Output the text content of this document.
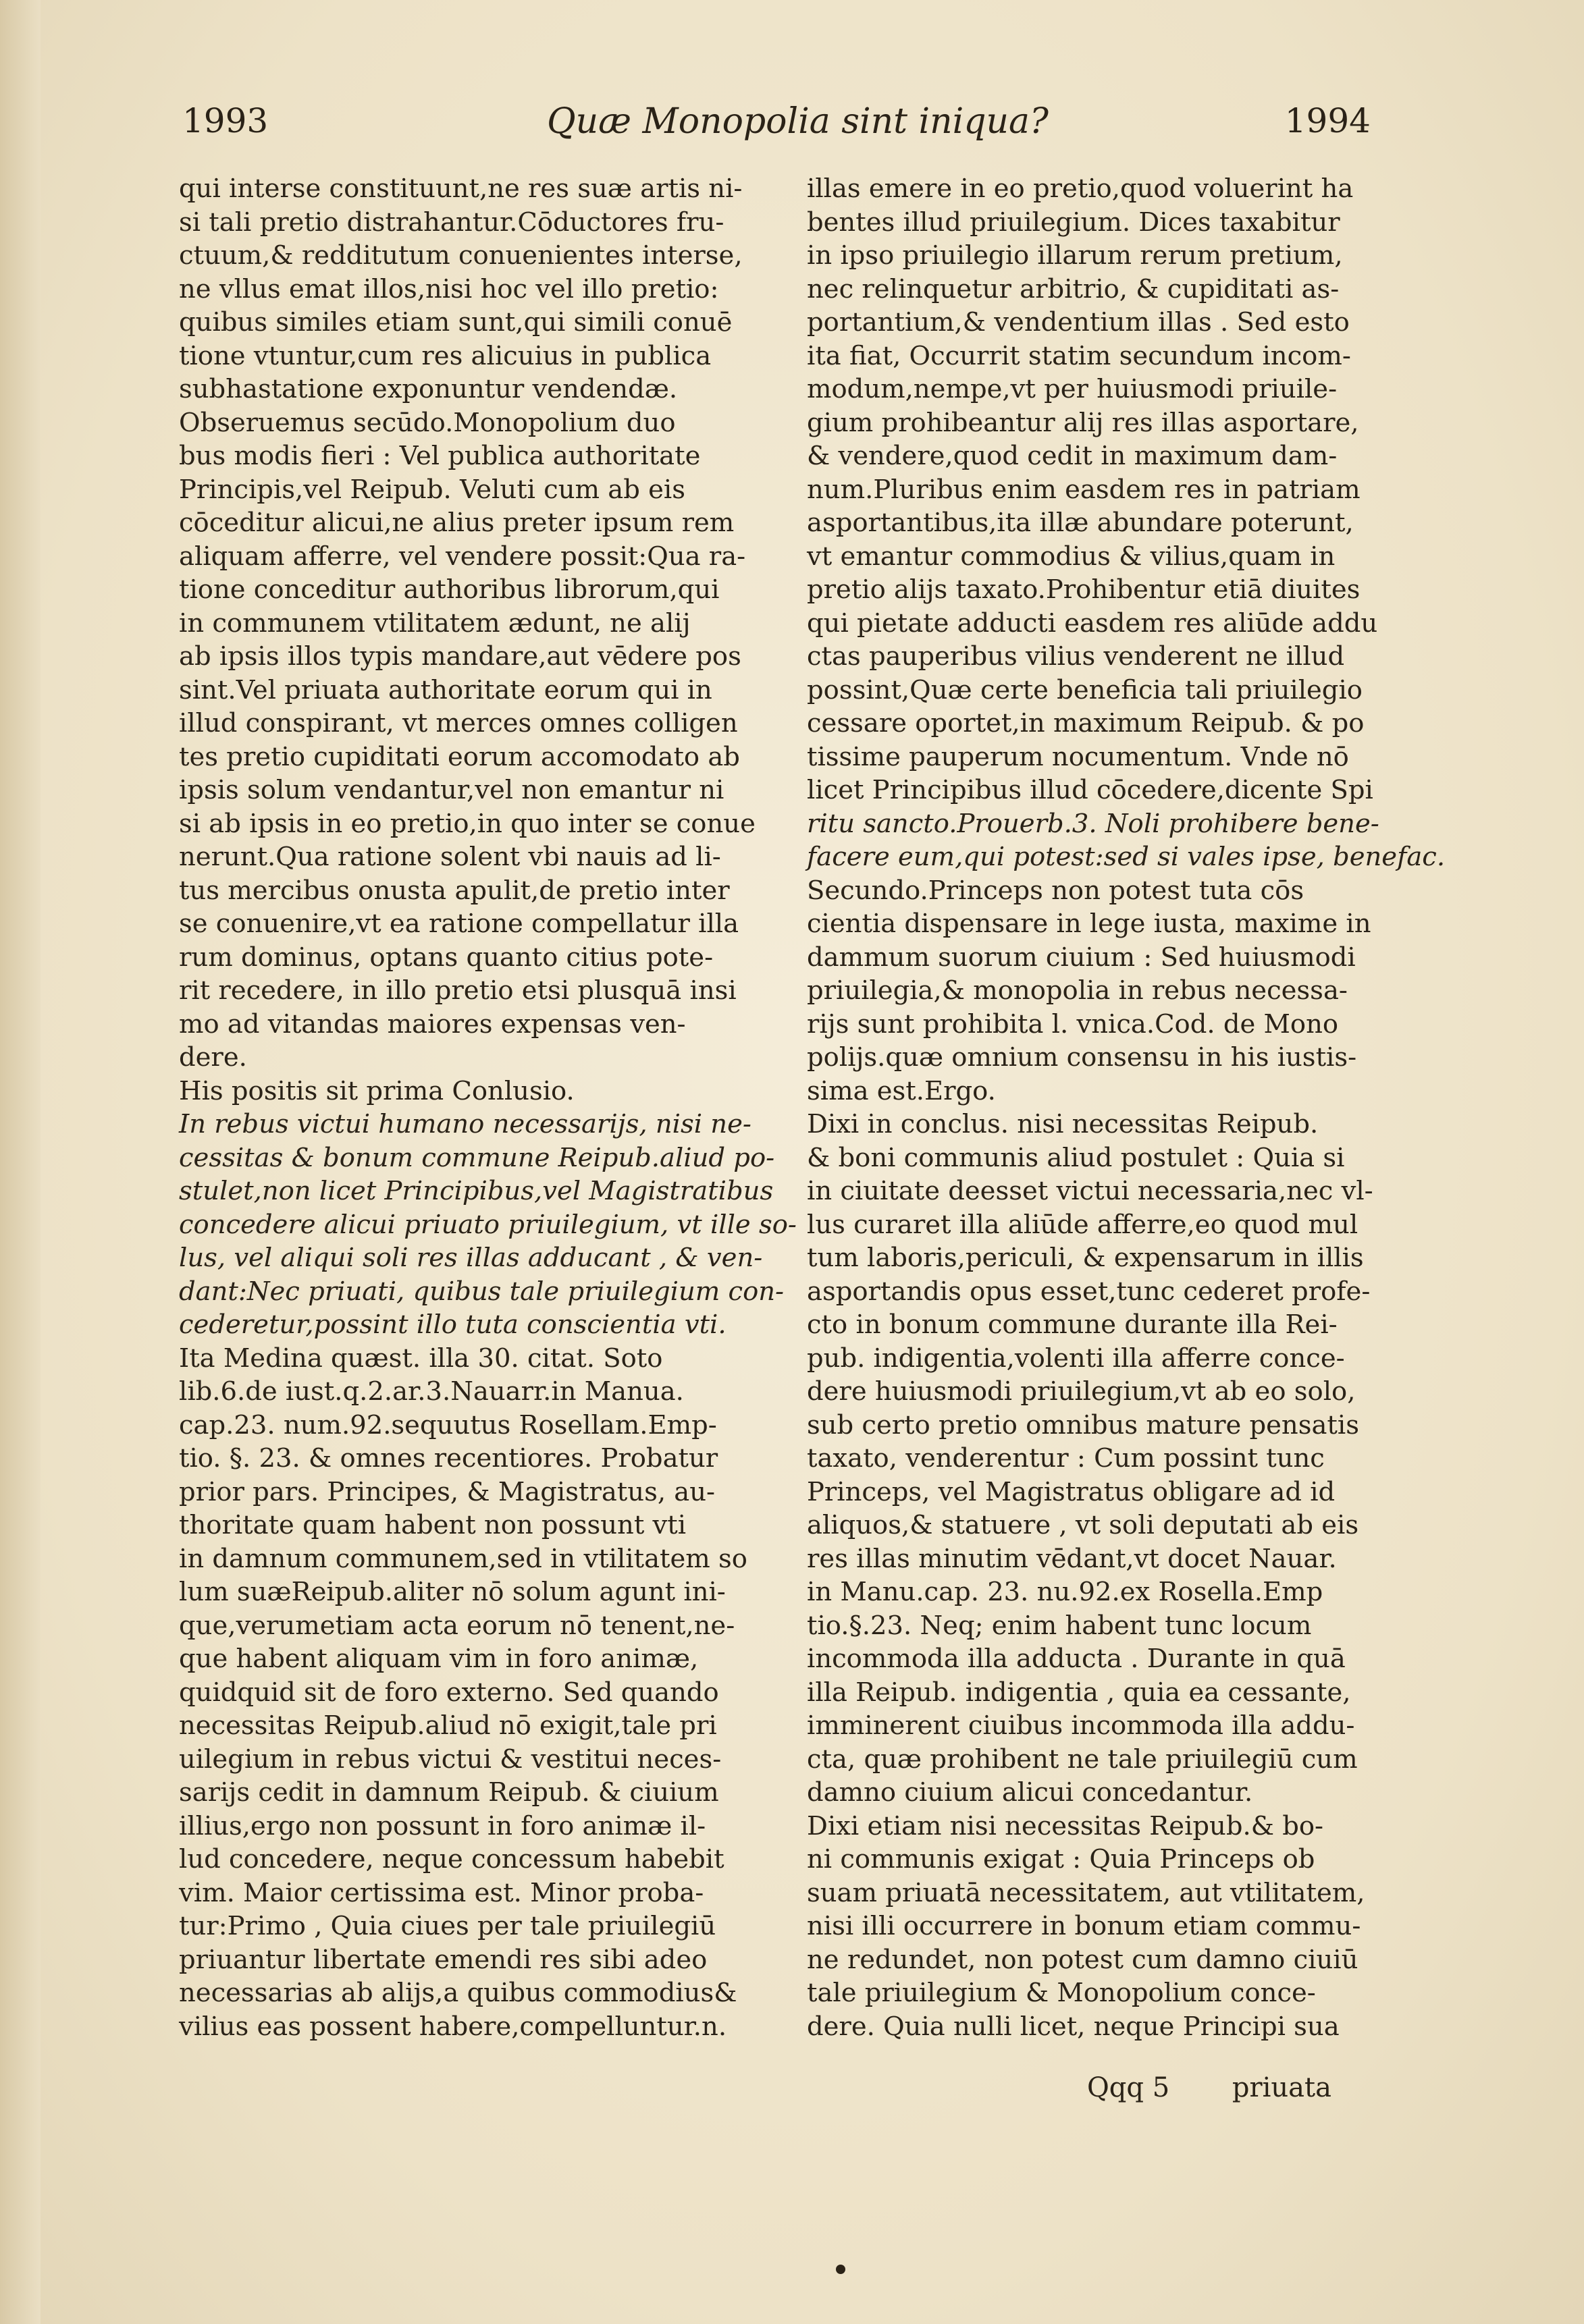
1993	Quæ Monopolia sint iniqua?	1994
qui interse constituunt,ne res suæ artis ni-
si tali pretio distrahantur.Cōductores fru-
ctuum,& redditutum conuenientes interse,
ne vllus emat illos,nisi hoc vel illo pretio:
quibus similes etiam sunt,qui simili conuē
tione vtuntur,cum res alicuius in publica
subhastatione exponuntur vendendæ.
Obseruemus secūdo.Monopolium duo
bus modis fieri : Vel publica authoritate
Principis,vel Reipub. Veluti cum ab eis
cōceditur alicui,ne alius preter ipsum rem
aliquam afferre, vel vendere possit:Qua ra-
tione conceditur authoribus librorum,qui
in communem vtilitatem ædunt, ne alij
ab ipsis illos typis mandare,aut vēdere pos
sint.Vel priuata authoritate eorum qui in
illud conspirant, vt merces omnes colligen
tes pretio cupiditati eorum accomodato ab
ipsis solum vendantur,vel non emantur ni
si ab ipsis in eo pretio,in quo inter se conue
nerunt.Qua ratione solent vbi nauis ad li-
tus mercibus onusta apulit,de pretio inter
se conuenire,vt ea ratione compellatur illa
rum dominus, optans quanto citius pote-
rit recedere, in illo pretio etsi plusquā insi
mo ad vitandas maiores expensas ven-
dere.
His positis sit prima Conlusio.
In rebus victui humano necessarijs, nisi ne-
cessitas & bonum commune Reipub.aliud po-
stulet,non licet Principibus,vel Magistratibus
concedere alicui priuato priuilegium, vt ille so-
lus, vel aliqui soli res illas adducant , & ven-
dant:Nec priuati, quibus tale priuilegium con-
cederetur,possint illo tuta conscientia vti.
Ita Medina quæst. illa 30. citat. Soto
lib.6.de iust.q.2.ar.3.Nauarr.in Manua.
cap.23. num.92.sequutus Rosellam.Emp-
tio. §. 23. & omnes recentiores. Probatur
prior pars. Principes, & Magistratus, au-
thoritate quam habent non possunt vti
in damnum communem,sed in vtilitatem so
lum suæReipub.aliter nō solum agunt ini-
que,verumetiam acta eorum nō tenent,ne-
que habent aliquam vim in foro animæ,
quidquid sit de foro externo. Sed quando
necessitas Reipub.aliud nō exigit,tale pri
uilegium in rebus victui & vestitui neces-
sarijs cedit in damnum Reipub. & ciuium
illius,ergo non possunt in foro animæ il-
lud concedere, neque concessum habebit
vim. Maior certissima est. Minor proba-
tur:Primo , Quia ciues per tale priuilegiū
priuantur libertate emendi res sibi adeo
necessarias ab alijs,a quibus commodius&
vilius eas possent habere,compelluntur.n.
illas emere in eo pretio,quod voluerint ha
bentes illud priuilegium. Dices taxabitur
in ipso priuilegio illarum rerum pretium,
nec relinquetur arbitrio, & cupiditati as-
portantium,& vendentium illas . Sed esto
ita fiat, Occurrit statim secundum incom-
modum,nempe,vt per huiusmodi priuile-
gium prohibeantur alij res illas asportare,
& vendere,quod cedit in maximum dam-
num.Pluribus enim easdem res in patriam
asportantibus,ita illæ abundare poterunt,
vt emantur commodius & vilius,quam in
pretio alijs taxato.Prohibentur etiā diuites
qui pietate adducti easdem res aliūde addu
ctas pauperibus vilius venderent ne illud
possint,Quæ certe beneficia tali priuilegio
cessare oportet,in maximum Reipub. & po
tissime pauperum nocumentum. Vnde nō
licet Principibus illud cōcedere,dicente Spi
ritu sancto.Prouerb.3. Noli prohibere bene-
facere eum,qui potest:sed si vales ipse, benefac.
Secundo.Princeps non potest tuta cōs
cientia dispensare in lege iusta, maxime in
dammum suorum ciuium : Sed huiusmodi
priuilegia,& monopolia in rebus necessa-
rijs sunt prohibita l. vnica.Cod. de Mono
polijs.quæ omnium consensu in his iustis-
sima est.Ergo.
Dixi in conclus. nisi necessitas Reipub.
& boni communis aliud postulet : Quia si
in ciuitate deesset victui necessaria,nec vl-
lus curaret illa aliūde afferre,eo quod mul
tum laboris,periculi, & expensarum in illis
asportandis opus esset,tunc cederet profe-
cto in bonum commune durante illa Rei-
pub. indigentia,volenti illa afferre conce-
dere huiusmodi priuilegium,vt ab eo solo,
sub certo pretio omnibus mature pensatis
taxato, venderentur : Cum possint tunc
Princeps, vel Magistratus obligare ad id
aliquos,& statuere , vt soli deputati ab eis
res illas minutim vēdant,vt docet Nauar.
in Manu.cap. 23. nu.92.ex Rosella.Emp
tio.§.23. Neq; enim habent tunc locum
incommoda illa adducta . Durante in quā
illa Reipub. indigentia , quia ea cessante,
imminerent ciuibus incommoda illa addu-
cta, quæ prohibent ne tale priuilegiū cum
damno ciuium alicui concedantur.
Dixi etiam nisi necessitas Reipub.& bo-
ni communis exigat : Quia Princeps ob
suam priuatā necessitatem, aut vtilitatem,
nisi illi occurrere in bonum etiam commu-
ne redundet, non potest cum damno ciuiū
tale priuilegium & Monopolium conce-
dere. Quia nulli licet, neque Principi sua
Qqq 5 priuata
